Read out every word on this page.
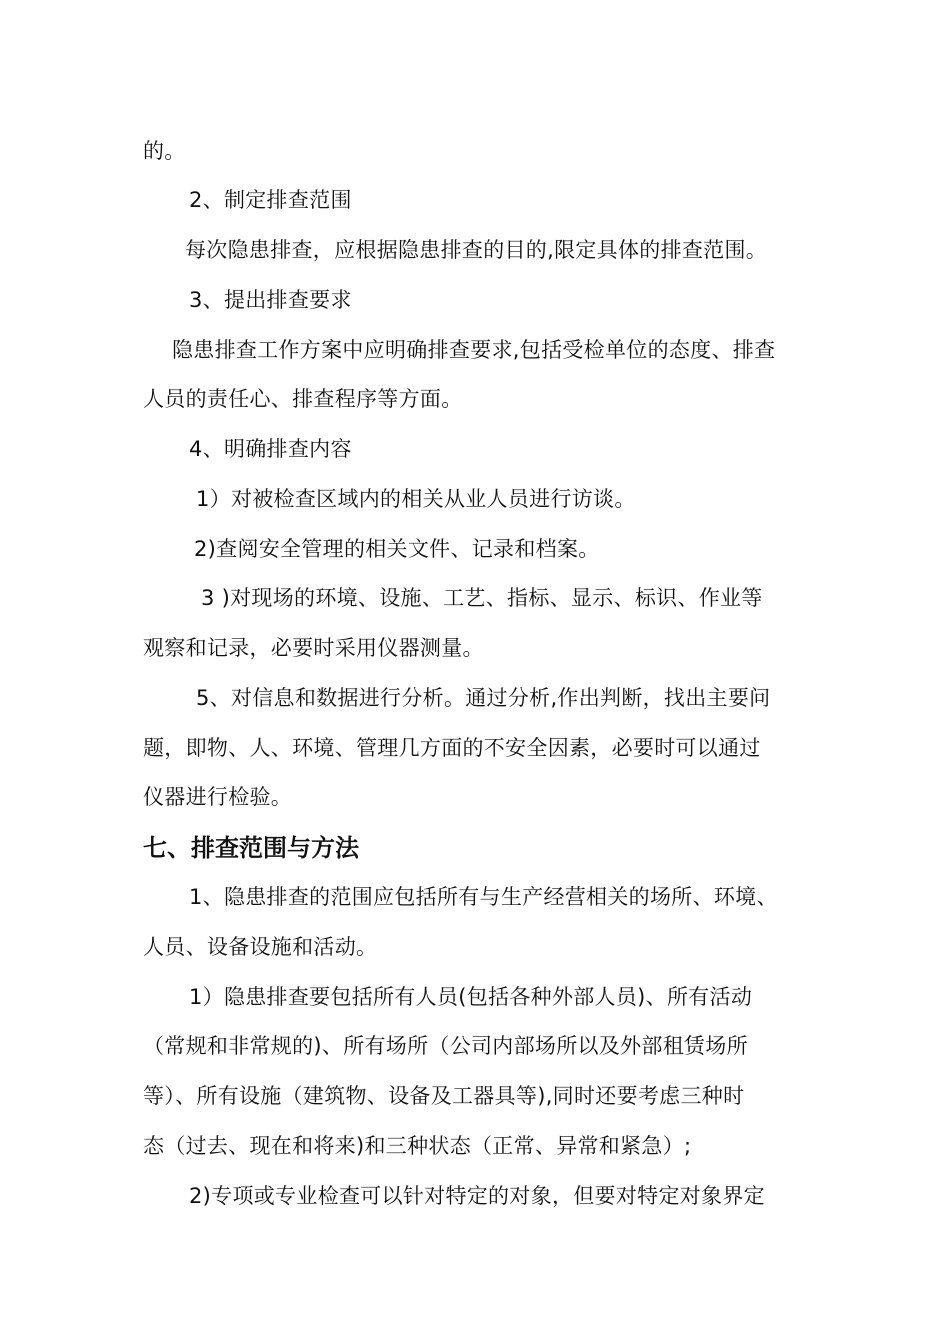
的。
2、制定排查范围
每次隐患排查，应根据隐患排查的目的,限定具体的排查范围。
3、提出排查要求
隐患排查工作方案中应明确排查要求,包括受检单位的态度、排查
人员的责任心、排查程序等方面。
4、明确排查内容
1）对被检查区域内的相关从业人员进行访谈。
2)查阅安全管理的相关文件、记录和档案。
3 )对现场的环境、设施、工艺、指标、显示、标识、作业等
观察和记录，必要时采用仪器测量。
5、对信息和数据进行分析。通过分析,作出判断，找出主要问
题，即物、人、环境、管理几方面的不安全因素，必要时可以通过
仪器进行检验。
七、排查范围与方法
1、隐患排查的范围应包括所有与生产经营相关的场所、环境、
人员、设备设施和活动。
1）隐患排查要包括所有人员(包括各种外部人员)、所有活动
（常规和非常规的)、所有场所（公司内部场所以及外部租赁场所
等）、所有设施（建筑物、设备及工器具等),同时还要考虑三种时
态（过去、现在和将来)和三种状态（正常、异常和紧急）;
2)专项或专业检查可以针对特定的对象，但要对特定对象界定
